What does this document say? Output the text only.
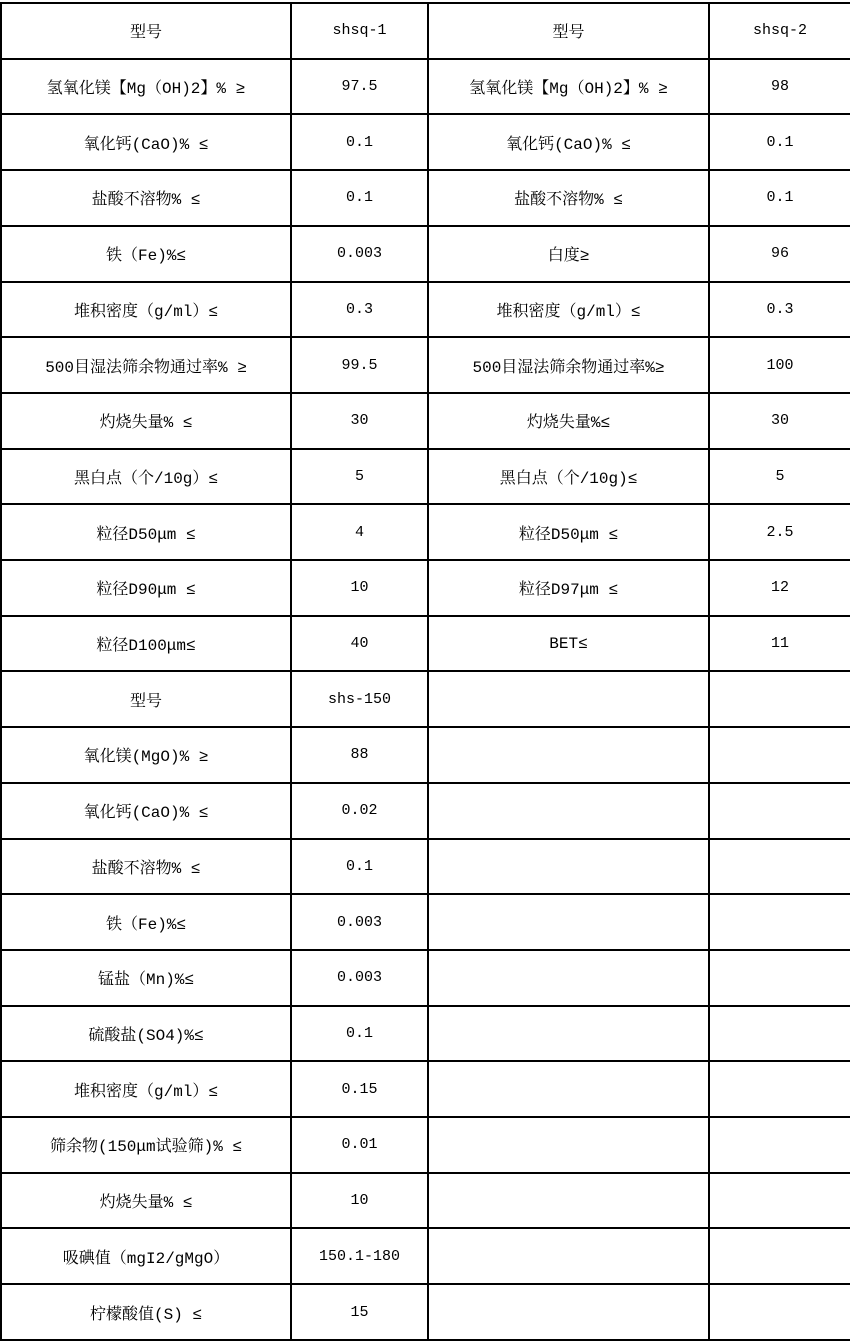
型号	shsq-1	型号	shsq-2
氢氧化镁【Mg（OH)2】% ≥	97.5	氢氧化镁【Mg（OH)2】% ≥	98
氧化钙(CaO)% ≤	0.1	氧化钙(CaO)% ≤	0.1
盐酸不溶物% ≤	0.1	盐酸不溶物% ≤	0.1
铁（Fe)%≤	0.003	白度≥	96
堆积密度（g/ml）≤	0.3	堆积密度（g/ml）≤	0.3
500目湿法筛余物通过率% ≥	99.5	500目湿法筛余物通过率%≥	100
灼烧失量% ≤	30	灼烧失量%≤	30
黑白点（个/10g）≤	5	黑白点（个/10g)≤	5
粒径D50μm ≤	4	粒径D50μm ≤	2.5
粒径D90μm ≤	10	粒径D97μm ≤	12
粒径D100μm≤	40	BET≤	11
型号	shs-150		
氧化镁(MgO)% ≥	88		
氧化钙(CaO)% ≤	0.02		
盐酸不溶物% ≤	0.1		
铁（Fe)%≤	0.003		
锰盐（Mn)%≤	0.003		
硫酸盐(SO4)%≤	0.1		
堆积密度（g/ml）≤	0.15		
筛余物(150μm试验筛)% ≤	0.01		
灼烧失量% ≤	10		
吸碘值（mgI2/gMgO）	150.1-180		
柠檬酸值(S) ≤	15		
